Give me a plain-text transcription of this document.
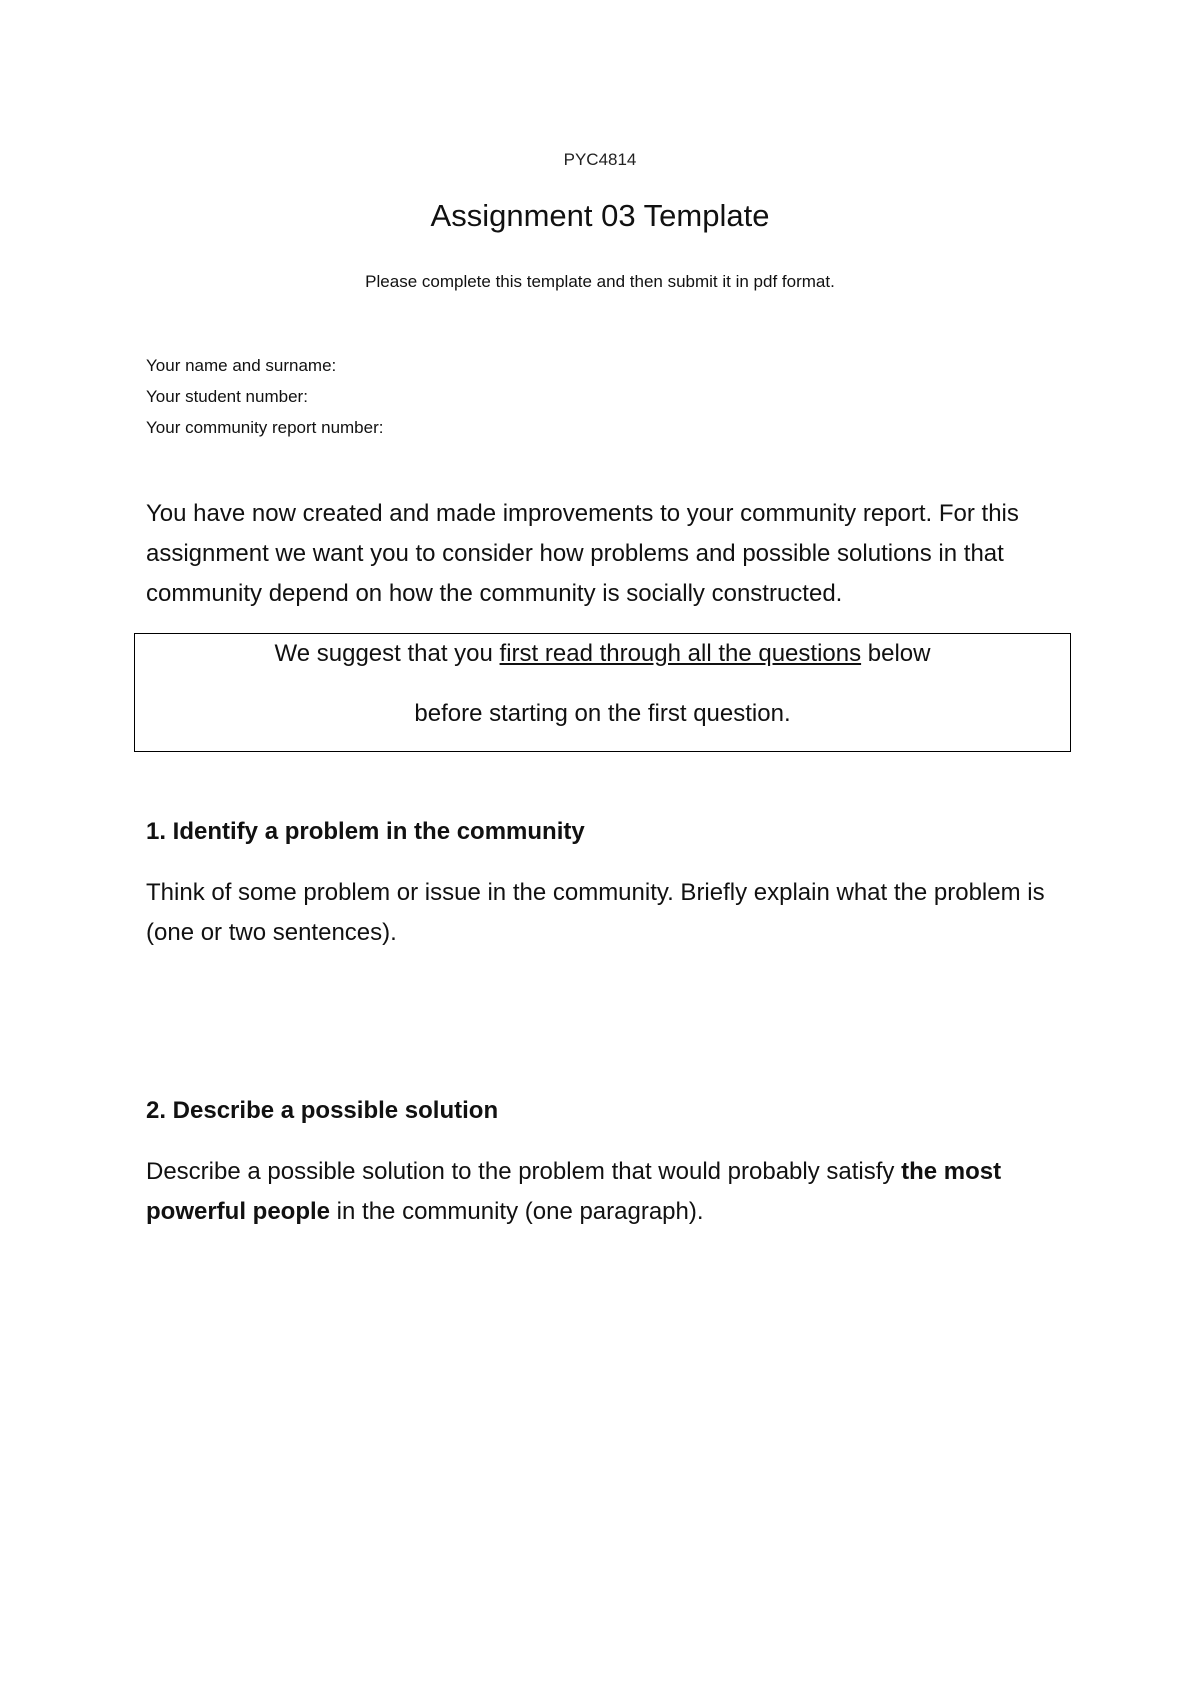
PYC4814
Assignment 03 Template
Please complete this template and then submit it in pdf format.
Your name and surname:
Your student number:
Your community report number:
You have now created and made improvements to your community report. For this assignment we want you to consider how problems and possible solutions in that community depend on how the community is socially constructed.
We suggest that you first read through all the questions below
before starting on the first question.
1. Identify a problem in the community
Think of some problem or issue in the community. Briefly explain what the problem is (one or two sentences).
2. Describe a possible solution
Describe a possible solution to the problem that would probably satisfy the most powerful people in the community (one paragraph).
